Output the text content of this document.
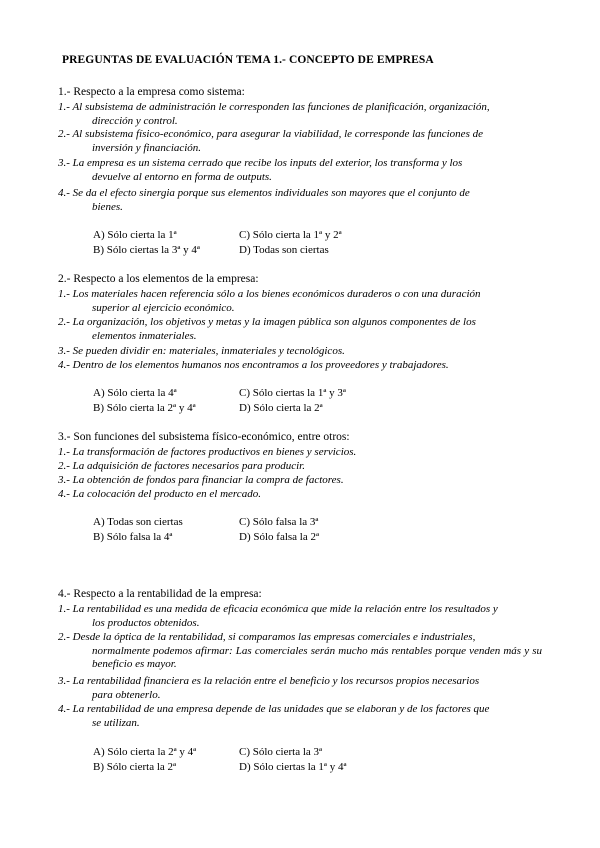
PREGUNTAS DE EVALUACIÓN TEMA 1.- CONCEPTO DE EMPRESA
1.- Respecto a la empresa como sistema:
1.- Al subsistema de administración le corresponden las funciones de planificación, organización,
dirección y control.
2.- Al subsistema físico-económico, para asegurar la viabilidad, le corresponde las funciones de
inversión y financiación.
3.- La empresa es un sistema cerrado que recibe los inputs del exterior, los transforma y los
devuelve al entorno en forma de outputs.
4.- Se da el efecto sinergia porque sus elementos individuales son mayores que el conjunto de
bienes.
A) Sólo cierta la 1ª	C) Sólo cierta la 1ª y 2ª
B) Sólo ciertas la 3ª y 4ª	D) Todas son ciertas
2.- Respecto a los elementos de la empresa:
1.- Los materiales hacen referencia sólo a los bienes económicos duraderos o con una duración
superior al ejercicio económico.
2.- La organización, los objetivos y metas y la imagen pública son algunos componentes de los
elementos inmateriales.
3.- Se pueden dividir en: materiales, inmateriales y tecnológicos.
4.- Dentro de los elementos humanos nos encontramos a los proveedores y trabajadores.
A) Sólo cierta la 4ª	C) Sólo ciertas la 1ª y 3ª
B) Sólo cierta la 2ª y 4ª	D) Sólo cierta la 2ª
3.- Son funciones del subsistema físico-económico, entre otros:
1.- La transformación de factores productivos en bienes y servicios.
2.- La adquisición de factores necesarios para producir.
3.- La obtención de fondos para financiar la compra de factores.
4.- La colocación del producto en el mercado.
A) Todas son ciertas	C) Sólo falsa la 3ª
B) Sólo falsa la 4ª	D) Sólo falsa la 2ª
4.- Respecto a la rentabilidad de la empresa:
1.- La rentabilidad es una medida de eficacia económica que mide la relación entre los resultados y
los productos obtenidos.
2.- Desde la óptica de la rentabilidad, si comparamos las empresas comerciales e industriales,
normalmente podemos afirmar: Las comerciales serán mucho más rentables porque venden más y su beneficio es mayor.
3.- La rentabilidad financiera es la relación entre el beneficio y los recursos propios necesarios
para obtenerlo.
4.- La rentabilidad de una empresa depende de las unidades que se elaboran y de los factores que
se utilizan.
A) Sólo cierta la 2ª y 4ª	C) Sólo cierta la 3ª
B) Sólo cierta la 2ª	D) Sólo ciertas la 1ª y 4ª
